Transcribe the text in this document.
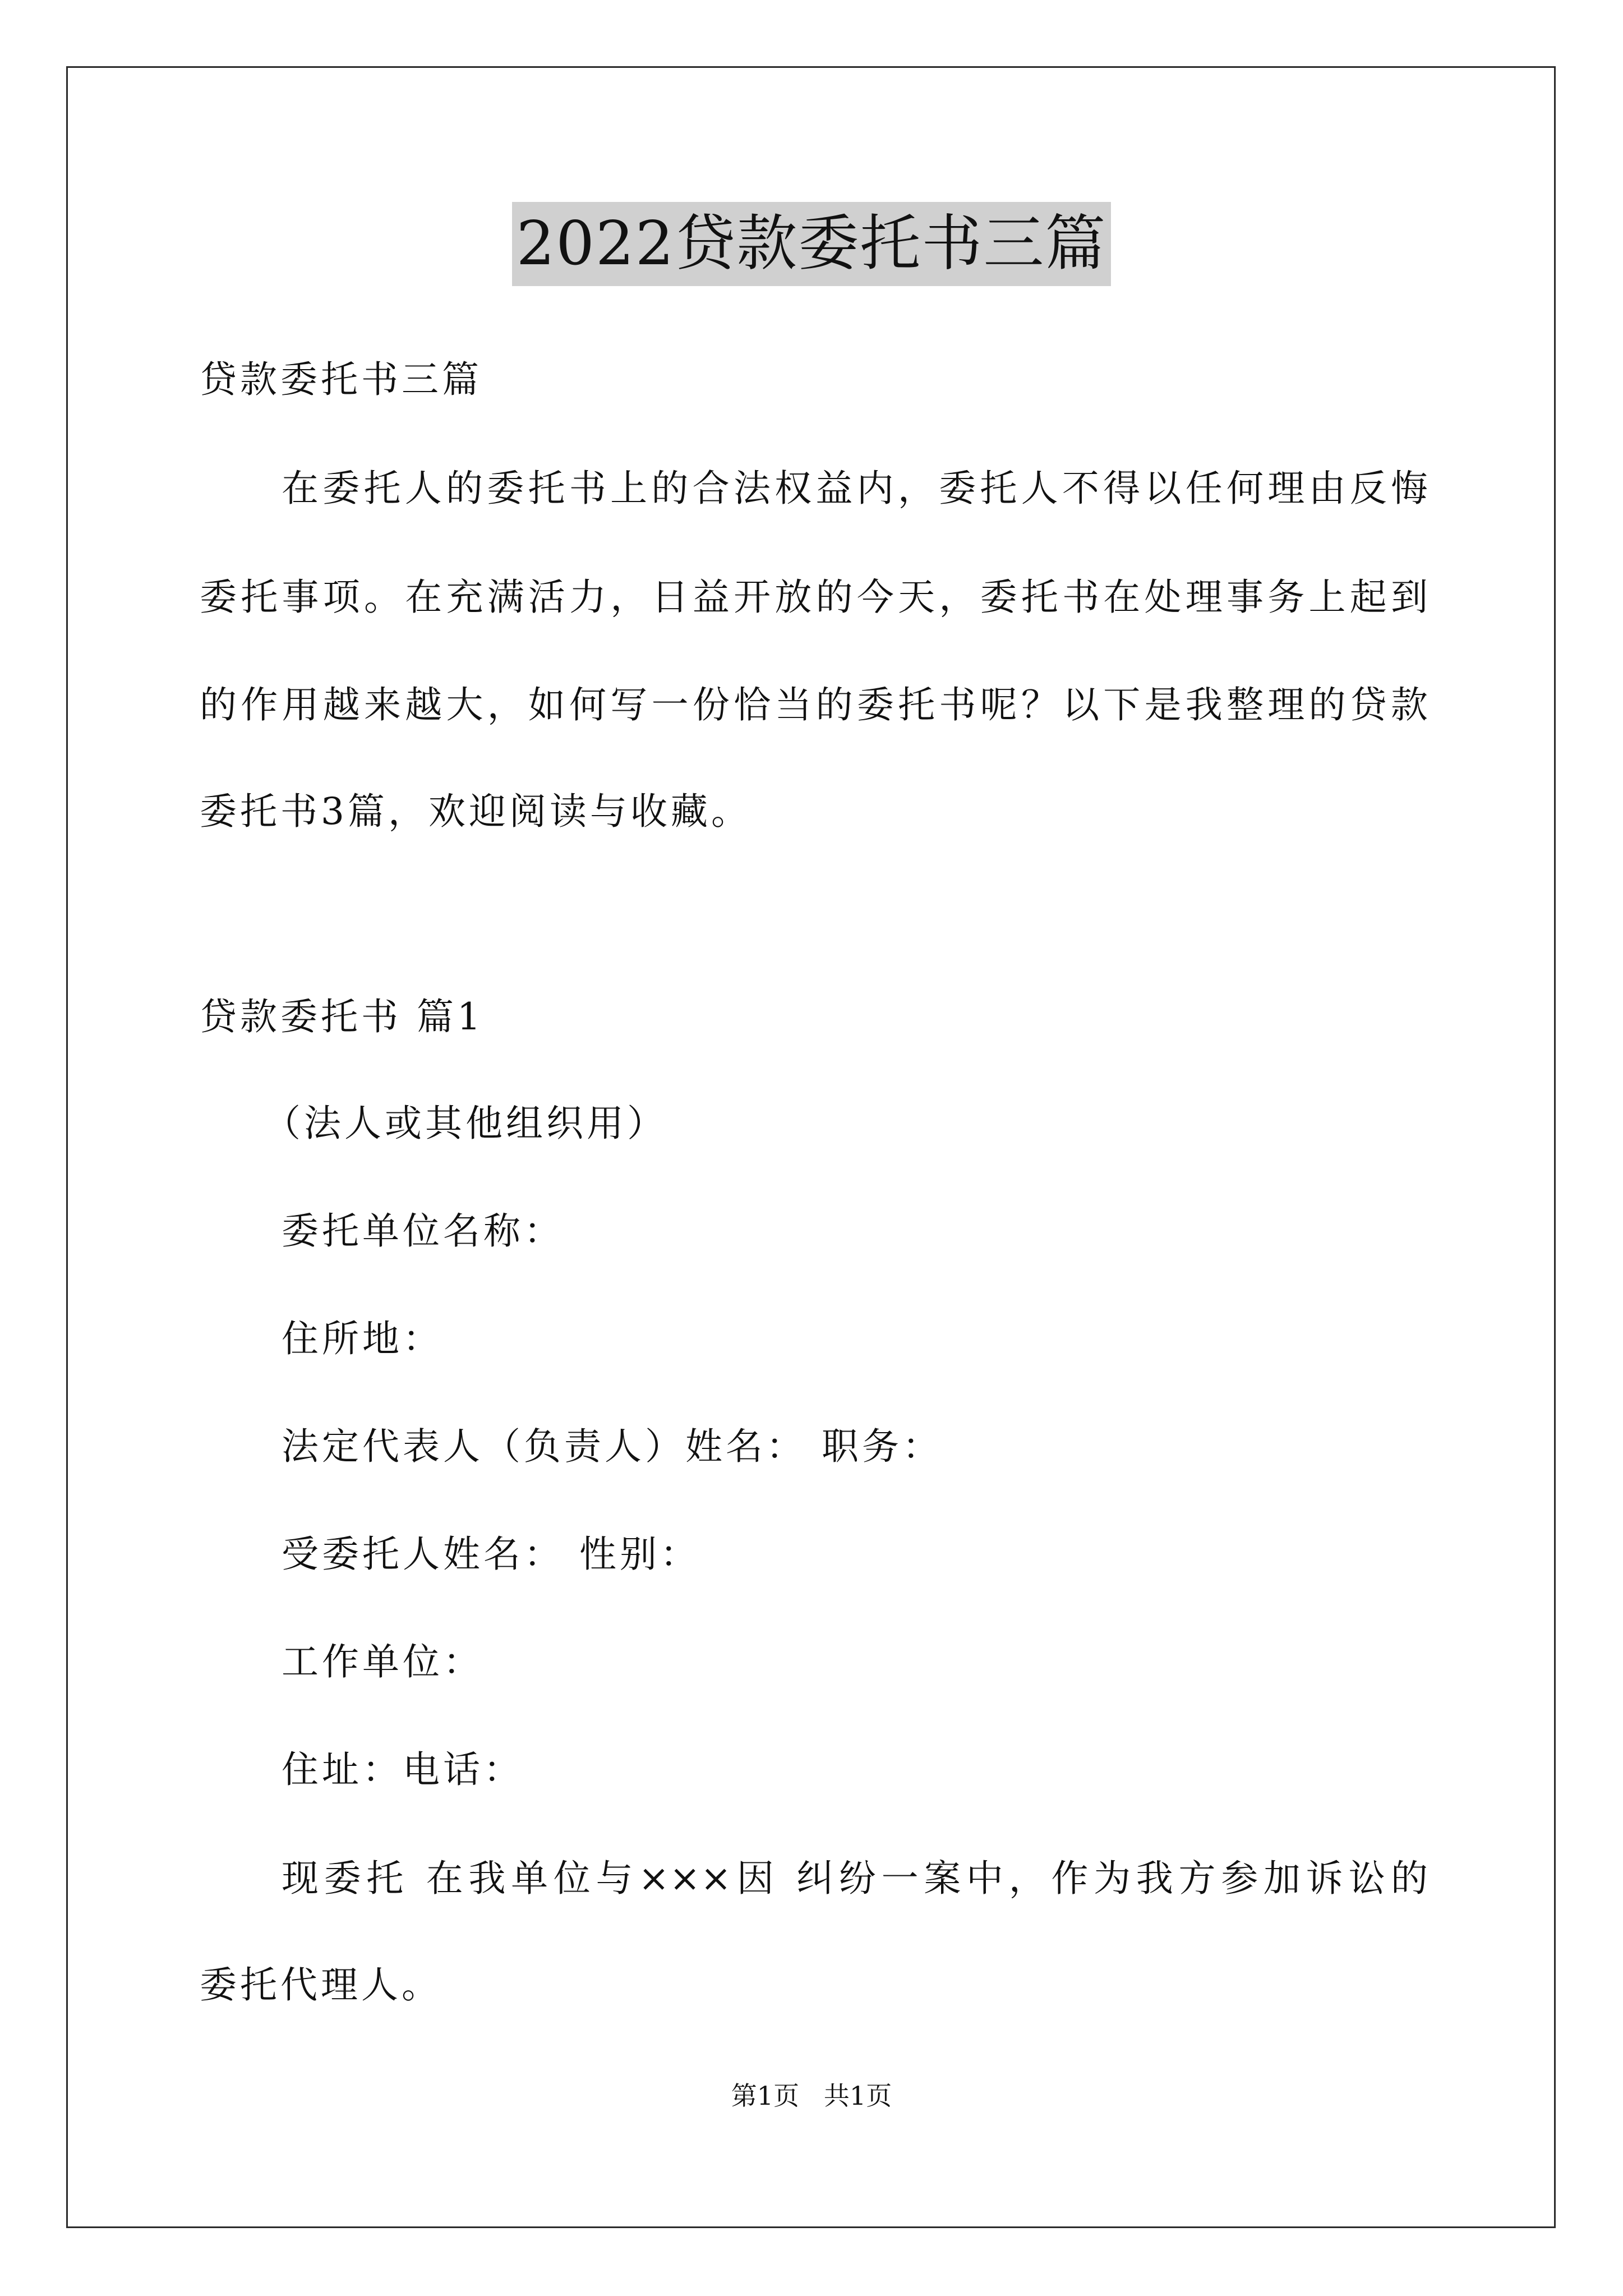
2022贷款委托书三篇
贷款委托书三篇
在委托人的委托书上的合法权益内，委托人不得以任何理由反悔
委托事项。在充满活力，日益开放的今天，委托书在处理事务上起到
的作用越来越大，如何写一份恰当的委托书呢？以下是我整理的贷款
委托书3篇，欢迎阅读与收藏。
贷款委托书 篇1
（法人或其他组织用）
委托单位名称：
住所地：
法定代表人（负责人）姓名： 职务：
受委托人姓名： 性别：
工作单位：
住址：电话：
现委托 在我单位与×××因 纠纷一案中，作为我方参加诉讼的
委托代理人。
第1页   共1页
